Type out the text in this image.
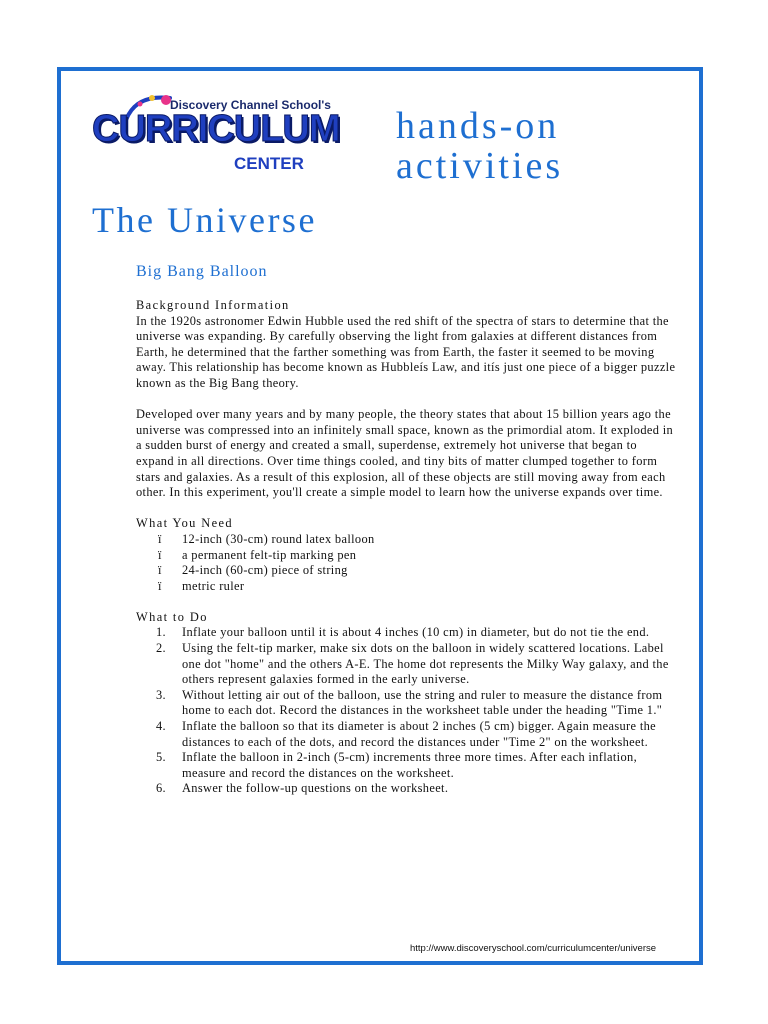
Discovery Channel School's
CURRICULUM
CENTER
hands-on
activities
The Universe
Big Bang Balloon

Background Information

In the 1920s astronomer Edwin Hubble used the red shift of the spectra of stars to determine that the universe was expanding. By carefully observing the light from galaxies at different distances from Earth, he determined that the farther something was from Earth, the faster it seemed to be moving away. This relationship has become known as Hubbleís Law, and itís just one piece of a bigger puzzle known as the Big Bang theory.

Developed over many years and by many people, the theory states that about 15 billion years ago the universe was compressed into an infinitely small space, known as the primordial atom. It exploded in a sudden burst of energy and created a small, superdense, extremely hot universe that began to expand in all directions. Over time things cooled, and tiny bits of matter clumped together to form stars and galaxies. As a result of this explosion, all of these objects are still moving away from each other. In this experiment, you'll create a simple model to learn how the universe expands over time.

What You Need

ï	12-inch (30-cm) round latex balloon
ï	a permanent felt-tip marking pen
ï	24-inch (60-cm) piece of string
ï	metric ruler

What to Do

1.	Inflate your balloon until it is about 4 inches (10 cm) in diameter, but do not tie the end.
2.	Using the felt-tip marker, make six dots on the balloon in widely scattered locations. Label one dot "home" and the others A-E. The home dot represents the Milky Way galaxy, and the others represent galaxies formed in the early universe.
3.	Without letting air out of the balloon, use the string and ruler to measure the distance from home to each dot. Record the distances in the worksheet table under the heading "Time 1."
4.	Inflate the balloon so that its diameter is about 2 inches (5 cm) bigger. Again measure the distances to each of the dots, and record the distances under "Time 2" on the worksheet.
5.	Inflate the balloon in 2-inch (5-cm) increments three more times. After each inflation, measure and record the distances on the worksheet.
6.	Answer the follow-up questions on the worksheet.
http://www.discoveryschool.com/curriculumcenter/universe
